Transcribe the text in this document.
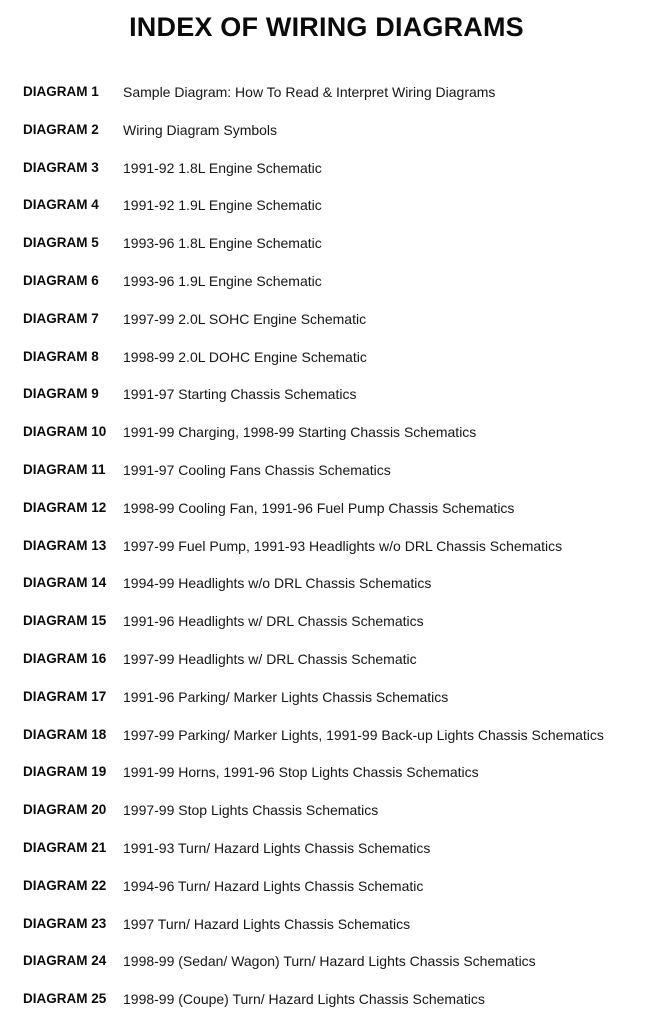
INDEX OF WIRING DIAGRAMS
DIAGRAM 1 Sample Diagram: How To Read & Interpret Wiring Diagrams
DIAGRAM 2 Wiring Diagram Symbols
DIAGRAM 3 1991-92 1.8L Engine Schematic
DIAGRAM 4 1991-92 1.9L Engine Schematic
DIAGRAM 5 1993-96 1.8L Engine Schematic
DIAGRAM 6 1993-96 1.9L Engine Schematic
DIAGRAM 7 1997-99 2.0L SOHC Engine Schematic
DIAGRAM 8 1998-99 2.0L DOHC Engine Schematic
DIAGRAM 9 1991-97 Starting Chassis Schematics
DIAGRAM 10 1991-99 Charging, 1998-99 Starting Chassis Schematics
DIAGRAM 11 1991-97 Cooling Fans Chassis Schematics
DIAGRAM 12 1998-99 Cooling Fan, 1991-96 Fuel Pump Chassis Schematics
DIAGRAM 13 1997-99 Fuel Pump, 1991-93 Headlights w/o DRL Chassis Schematics
DIAGRAM 14 1994-99 Headlights w/o DRL Chassis Schematics
DIAGRAM 15 1991-96 Headlights w/ DRL Chassis Schematics
DIAGRAM 16 1997-99 Headlights w/ DRL Chassis Schematic
DIAGRAM 17 1991-96 Parking/ Marker Lights Chassis Schematics
DIAGRAM 18 1997-99 Parking/ Marker Lights, 1991-99 Back-up Lights Chassis Schematics
DIAGRAM 19 1991-99 Horns, 1991-96 Stop Lights Chassis Schematics
DIAGRAM 20 1997-99 Stop Lights Chassis Schematics
DIAGRAM 21 1991-93 Turn/ Hazard Lights Chassis Schematics
DIAGRAM 22 1994-96 Turn/ Hazard Lights Chassis Schematic
DIAGRAM 23 1997 Turn/ Hazard Lights Chassis Schematics
DIAGRAM 24 1998-99 (Sedan/ Wagon) Turn/ Hazard Lights Chassis Schematics
DIAGRAM 25 1998-99 (Coupe) Turn/ Hazard Lights Chassis Schematics
